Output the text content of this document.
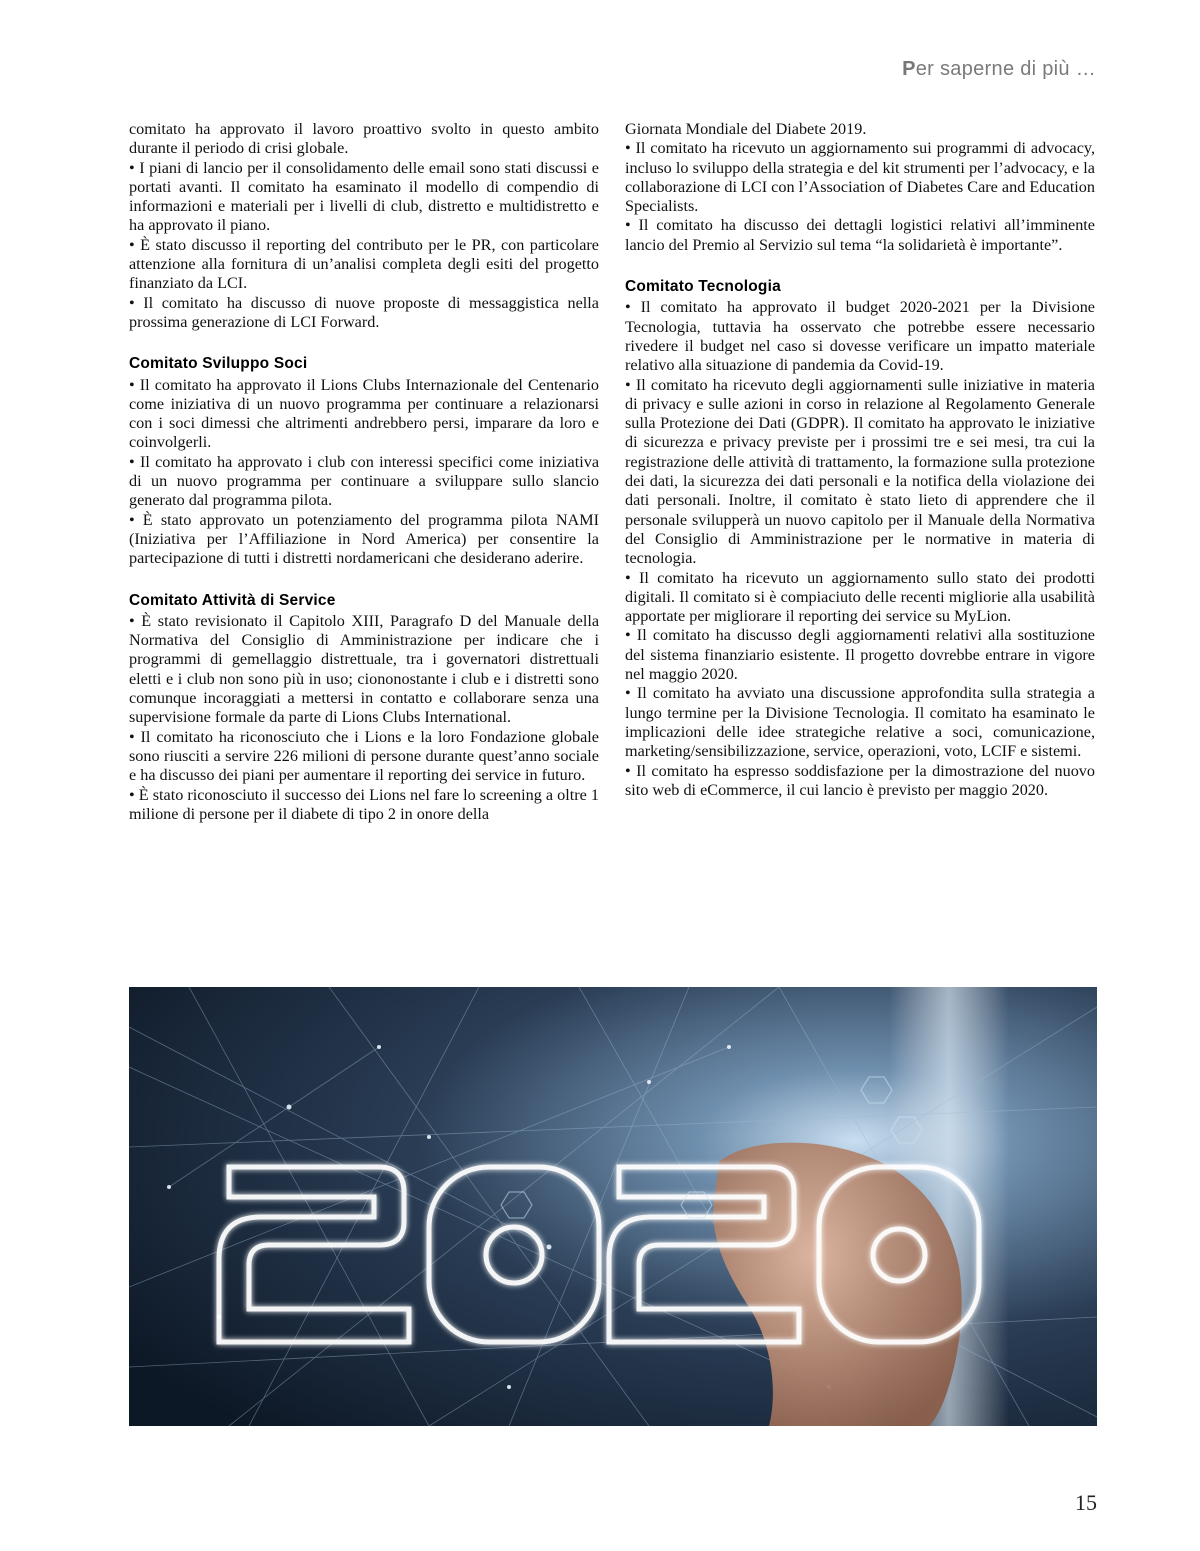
Per saperne di più …

comitato ha approvato il lavoro proattivo svolto in questo ambito durante il periodo di crisi globale.

• I piani di lancio per il consolidamento delle email sono stati discussi e portati avanti. Il comitato ha esaminato il modello di compendio di informazioni e materiali per i livelli di club, distretto e multidistretto e ha approvato il piano.

• È stato discusso il reporting del contributo per le PR, con particolare attenzione alla fornitura di un’analisi completa degli esiti del progetto finanziato da LCI.

• Il comitato ha discusso di nuove proposte di messaggistica nella prossima generazione di LCI Forward.

Comitato Sviluppo Soci

• Il comitato ha approvato il Lions Clubs Internazionale del Centenario come iniziativa di un nuovo programma per continuare a relazionarsi con i soci dimessi che altrimenti andrebbero persi, imparare da loro e coinvolgerli.

• Il comitato ha approvato i club con interessi specifici come iniziativa di un nuovo programma per continuare a sviluppare sullo slancio generato dal programma pilota.

• È stato approvato un potenziamento del programma pilota NAMI (Iniziativa per l’Affiliazione in Nord America) per consentire la partecipazione di tutti i distretti nordamericani che desiderano aderire.

Comitato Attività di Service

• È stato revisionato il Capitolo XIII, Paragrafo D del Manuale della Normativa del Consiglio di Amministrazione per indicare che i programmi di gemellaggio distrettuale, tra i governatori distrettuali eletti e i club non sono più in uso; ciononostante i club e i distretti sono comunque incoraggiati a mettersi in contatto e collaborare senza una supervisione formale da parte di Lions Clubs International.

• Il comitato ha riconosciuto che i Lions e la loro Fondazione globale sono riusciti a servire 226 milioni di persone durante quest’anno sociale e ha discusso dei piani per aumentare il reporting dei service in futuro.

• È stato riconosciuto il successo dei Lions nel fare lo screening a oltre 1 milione di persone per il diabete di tipo 2 in onore della

Giornata Mondiale del Diabete 2019.

• Il comitato ha ricevuto un aggiornamento sui programmi di advocacy, incluso lo sviluppo della strategia e del kit strumenti per l’advocacy, e la collaborazione di LCI con l’Association of Diabetes Care and Education Specialists.

• Il comitato ha discusso dei dettagli logistici relativi all’imminente lancio del Premio al Servizio sul tema “la solidarietà è importante”.

Comitato Tecnologia

• Il comitato ha approvato il budget 2020-2021 per la Divisione Tecnologia, tuttavia ha osservato che potrebbe essere necessario rivedere il budget nel caso si dovesse verificare un impatto materiale relativo alla situazione di pandemia da Covid-19.

• Il comitato ha ricevuto degli aggiornamenti sulle iniziative in materia di privacy e sulle azioni in corso in relazione al Regolamento Generale sulla Protezione dei Dati (GDPR). Il comitato ha approvato le iniziative di sicurezza e privacy previste per i prossimi tre e sei mesi, tra cui la registrazione delle attività di trattamento, la formazione sulla protezione dei dati, la sicurezza dei dati personali e la notifica della violazione dei dati personali. Inoltre, il comitato è stato lieto di apprendere che il personale svilupperà un nuovo capitolo per il Manuale della Normativa del Consiglio di Amministrazione per le normative in materia di tecnologia.

• Il comitato ha ricevuto un aggiornamento sullo stato dei prodotti digitali. Il comitato si è compiaciuto delle recenti migliorie alla usabilità apportate per migliorare il reporting dei service su MyLion.

• Il comitato ha discusso degli aggiornamenti relativi alla sostituzione del sistema finanziario esistente. Il progetto dovrebbe entrare in vigore nel maggio 2020.

• Il comitato ha avviato una discussione approfondita sulla strategia a lungo termine per la Divisione Tecnologia. Il comitato ha esaminato le implicazioni delle idee strategiche relative a soci, comunicazione, marketing/sensibilizzazione, service, operazioni, voto, LCIF e sistemi.

• Il comitato ha espresso soddisfazione per la dimostrazione del nuovo sito web di eCommerce, il cui lancio è previsto per maggio 2020.

15
